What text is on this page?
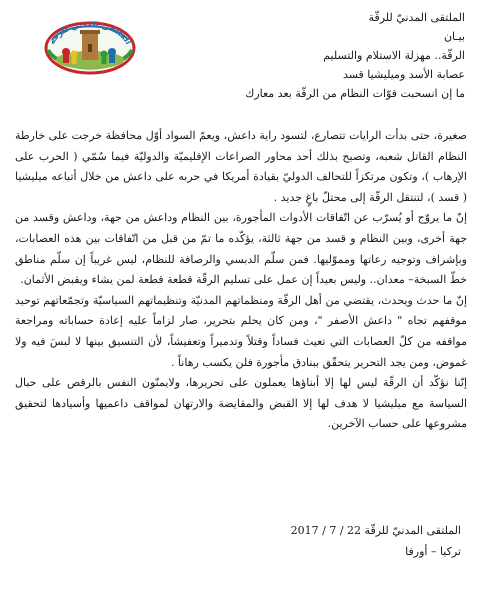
الملتقى المدني للرقة
الملتقى المدنيّ للرقّة
بيـان
الرقّة.. مهزلة الاستلام والتسليم
عصابة الأسد وميليشيا قسد
ما إن انسحبت قوّات النظام من الرقّة بعد معارك

صغيرة، حتى بدأت الرايات تتصارع، لتسود راية داعش، ويعمّ السواد أوّل محافظة خرجت على خارطة النظام القاتل شعبه، وتصبح بذلك أحد محاور الصراعات الإقليميّة والدوليّة فيما سُمّي ( الحرب على الإرهاب )، وتكون مرتكزاً للتحالف الدوليّ بقيادة أمريكا في حربه على داعش من خلال أتباعه ميليشيا ( قسد )، لتنتقل الرقّة إلى محتلّ باغٍ جديد .

إنّ ما يروّج أو يُسرّب عن اتّفاقات الأدوات المأجورة، بين النظام وداعش من جهة، وداعش وقسد من جهة أخرى، وبين النظام و قسد من جهة ثالثة، يؤكّده ما تمّ من قبل من اتّفاقات بين هذه العصابات، وبإشراف وتوجيه رعاتها ومموّليها. فمن سلّم الدبسي والرصافة للنظام، ليس غريباً إن سلّم مناطق خطّ السبخة– معدان.. وليس بعيداً إن عمل على تسليم الرقّة قطعة قطعة لمن يشاء ويقبض الأثمان.

إنّ ما حدث ويحدث، يقتضي من أهل الرقّة ومنظماتهم المدنيّة وتنظيماتهم السياسيّة وتجمّعاتهم توحيد موقفهم تجاه " داعش الأصفر "، ومن كان يحلم بتحرير، صار لزاماً عليه إعادة حساباته ومراجعة مواقفه من كلّ العصابات التي تعيث فساداً وقتلاً وتدميراً وتعفيشاً، لأن التنسيق بينها لا لبسَ فيه ولا غموض، ومن يجد التحرير يتحقّق ببنادق مأجورة فلن يكسب رهاناً .

إنّنا نؤكّد أن الرقّة ليس لها إلا أبناؤها يعملون على تحريرها، ولايمنّون النفس بالرقص على حبال السياسة مع ميليشيا لا هدف لها إلا القبض والمقايضة والارتهان لمواقف داعميها وأسيادها لتحقيق مشروعها على حساب الآخرين.

الملتقى المدنيّ للرقّة 22 / 7 / 2017
تركيا – أورفا
